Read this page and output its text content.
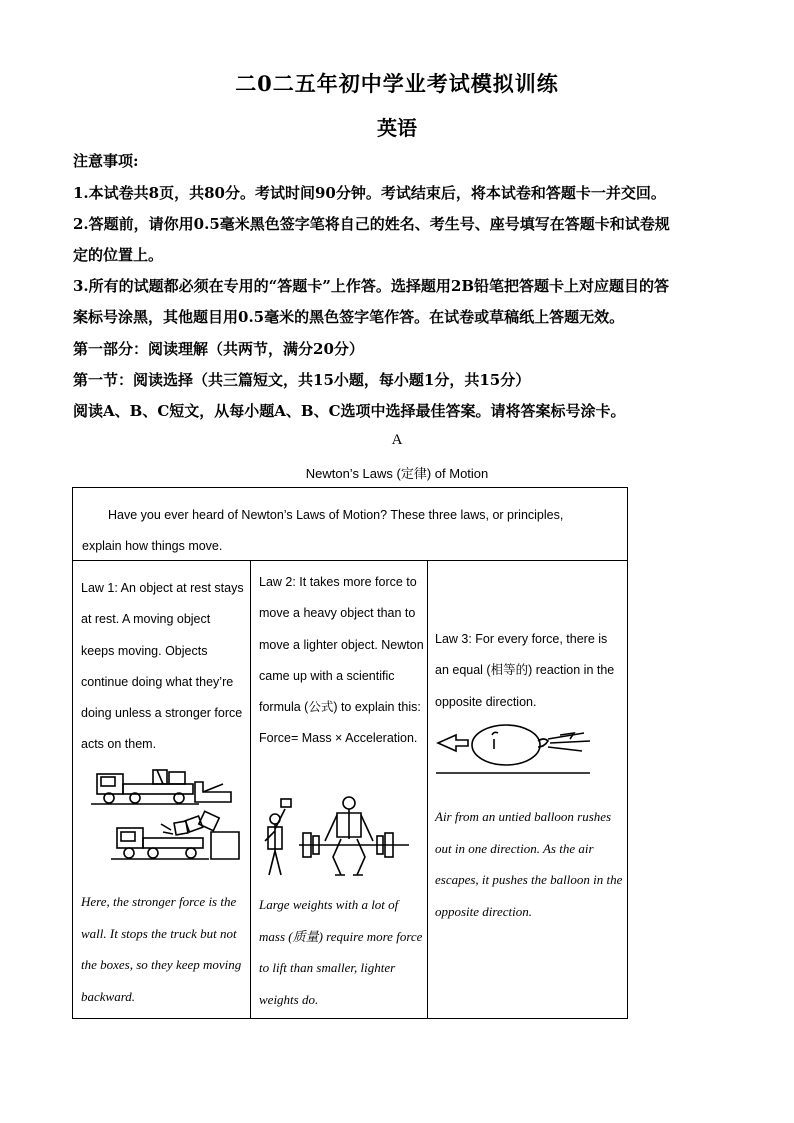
二0二五年初中学业考试模拟训练
英语
注意事项:
1.本试卷共8页，共80分。考试时间90分钟。考试结束后，将本试卷和答题卡一并交回。
2.答题前，请你用0.5毫米黑色签字笔将自己的姓名、考生号、座号填写在答题卡和试卷规
定的位置上。
3.所有的试题都必须在专用的“答题卡”上作答。选择题用2B铅笔把答题卡上对应题目的答
案标号涂黑，其他题目用0.5毫米的黑色签字笔作答。在试卷或草稿纸上答题无效。
第一部分：阅读理解（共两节，满分20分）
第一节：阅读选择（共三篇短文，共15小题，每小题1分，共15分）
阅读A、B、C短文，从每小题A、B、C选项中选择最佳答案。请将答案标号涂卡。
A
Newton’s Laws (定律) of Motion

Have you ever heard of Newton’s Laws of Motion? These three laws, or principles, explain how things move.

Law 1: An object at rest stays at rest. A moving object keeps moving. Objects continue doing what they’re doing unless a stronger force acts on them.

Here, the stronger force is the wall. It stops the truck but not the boxes, so they keep moving backward.

Law 2: It takes more force to move a heavy object than to move a lighter object. Newton came up with a scientific formula (公式) to explain this: Force= Mass × Acceleration.

Large weights with a lot of mass (质量) require more force to lift than smaller, lighter weights do.

Law 3: For every force, there is an equal (相等的) reaction in the opposite direction.

Air from an untied balloon rushes out in one direction. As the air escapes, it pushes the balloon in the opposite direction.
